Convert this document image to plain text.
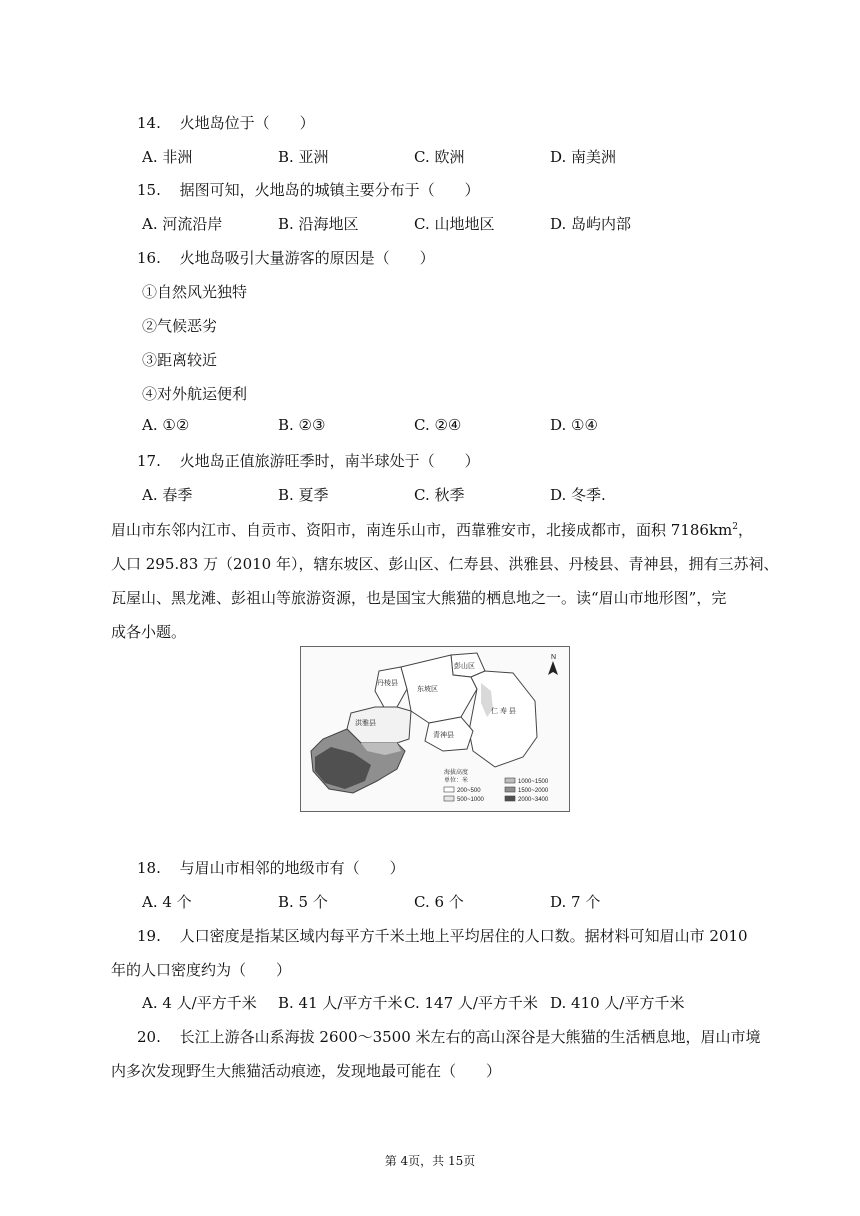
14. 火地岛位于（　　）
A. 非洲	B. 亚洲	C. 欧洲	D. 南美洲
15. 据图可知，火地岛的城镇主要分布于（　　）
A. 河流沿岸	B. 沿海地区	C. 山地地区	D. 岛屿内部
16. 火地岛吸引大量游客的原因是（　　）
①自然风光独特
②气候恶劣
③距离较近
④对外航运便利
A. ①②	B. ②③	C. ②④	D. ①④
17. 火地岛正值旅游旺季时，南半球处于（　　）
A. 春季	B. 夏季	C. 秋季	D. 冬季.
眉山市东邻内江市、自贡市、资阳市，南连乐山市，西靠雅安市，北接成都市，面积 $7186km^2$，
人口 295.83 万（2010 年），辖东坡区、彭山区、仁寿县、洪雅县、丹棱县、青神县，拥有三苏祠、
瓦屋山、黑龙滩、彭祖山等旅游资源，也是国宝大熊猫的栖息地之一。读“眉山市地形图”，完
成各小题。
彭山区
丹棱县
东坡区
仁 寿 县
洪雅县
青神县
N
海拔高度
单位：米
200~500
500~1000
1000~1500
1500~2000
2000~3400
18. 与眉山市相邻的地级市有（　　）
A. 4 个	B. 5 个	C. 6 个	D. 7 个
19. 人口密度是指某区域内每平方千米土地上平均居住的人口数。据材料可知眉山市 2010
年的人口密度约为（　　）
A. 4 人/平方千米 B. 41 人/平方千米 C. 147 人/平方千米 D. 410 人/平方千米
20. 长江上游各山系海拔 2600～3500 米左右的高山深谷是大熊猫的生活栖息地，眉山市境
内多次发现野生大熊猫活动痕迹，发现地最可能在（　　）
第 4页，共 15页
